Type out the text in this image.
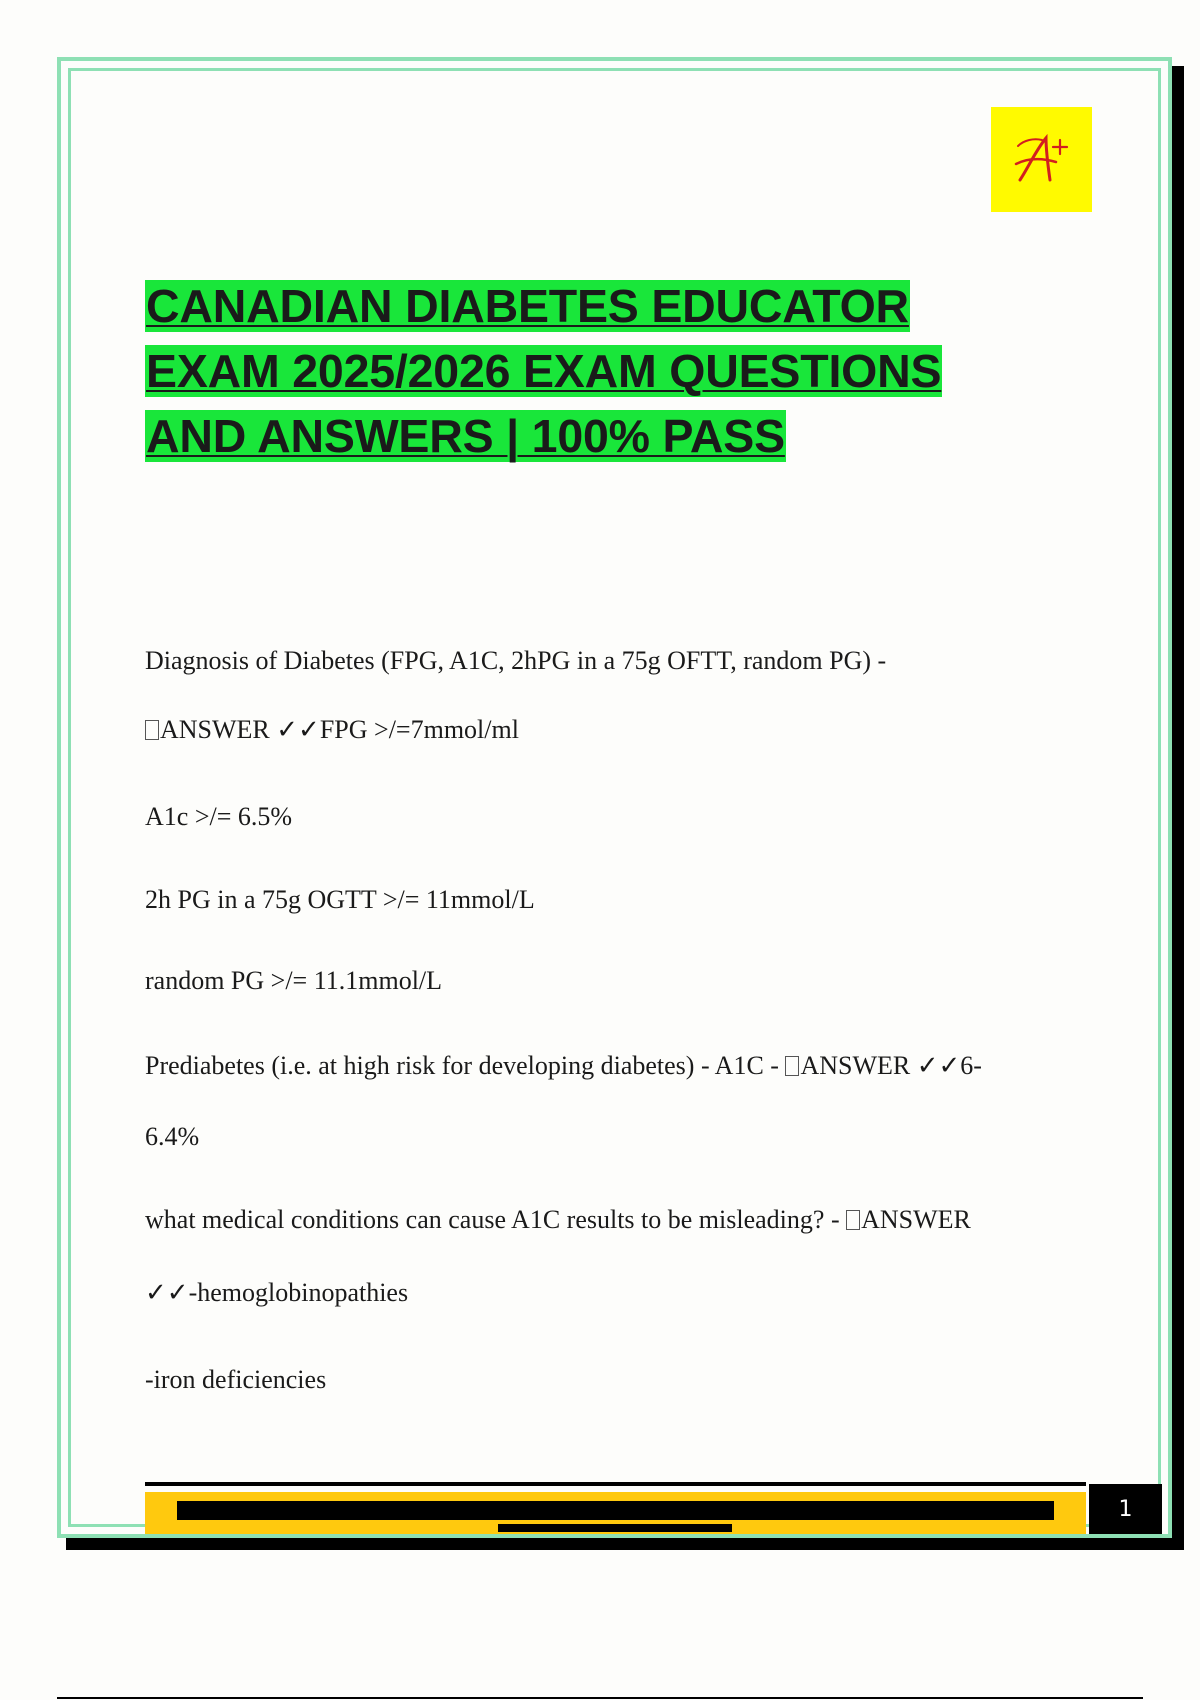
CANADIAN DIABETES EDUCATOR
EXAM 2025/2026 EXAM QUESTIONS
AND ANSWERS | 100% PASS
Diagnosis of Diabetes (FPG, A1C, 2hPG in a 75g OFTT, random PG) -
ANSWER ✓✓FPG >/=7mmol/ml
A1c >/= 6.5%
2h PG in a 75g OGTT >/= 11mmol/L
random PG >/= 11.1mmol/L
Prediabetes (i.e. at high risk for developing diabetes) - A1C - ANSWER ✓✓6-
6.4%
what medical conditions can cause A1C results to be misleading? - ANSWER
✓✓-hemoglobinopathies
-iron deficiencies
1
